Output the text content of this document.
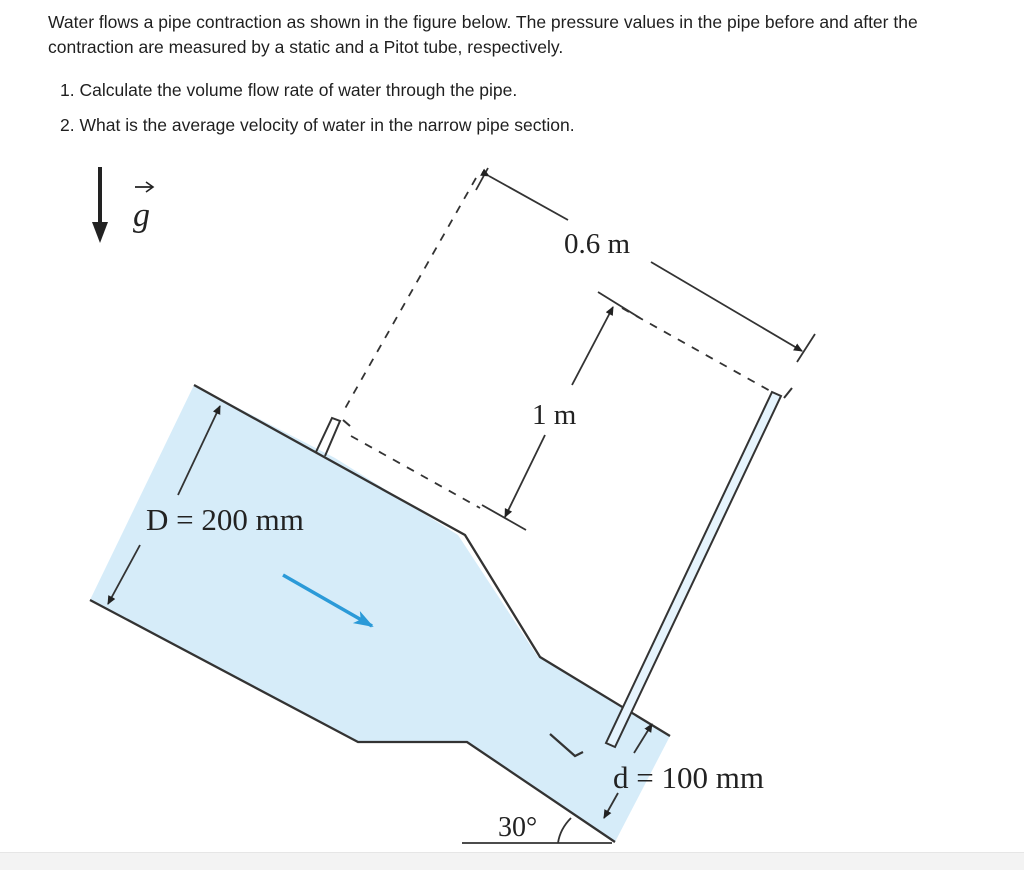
Water flows a pipe contraction as shown in the figure below. The pressure values in the pipe before and after the contraction are measured by a static and a Pitot tube, respectively.

1. Calculate the volume flow rate of water through the pipe.
2. What is the average velocity of water in the narrow pipe section.
g
0.6 m
1 m
D = 200 mm
d = 100 mm
30°
